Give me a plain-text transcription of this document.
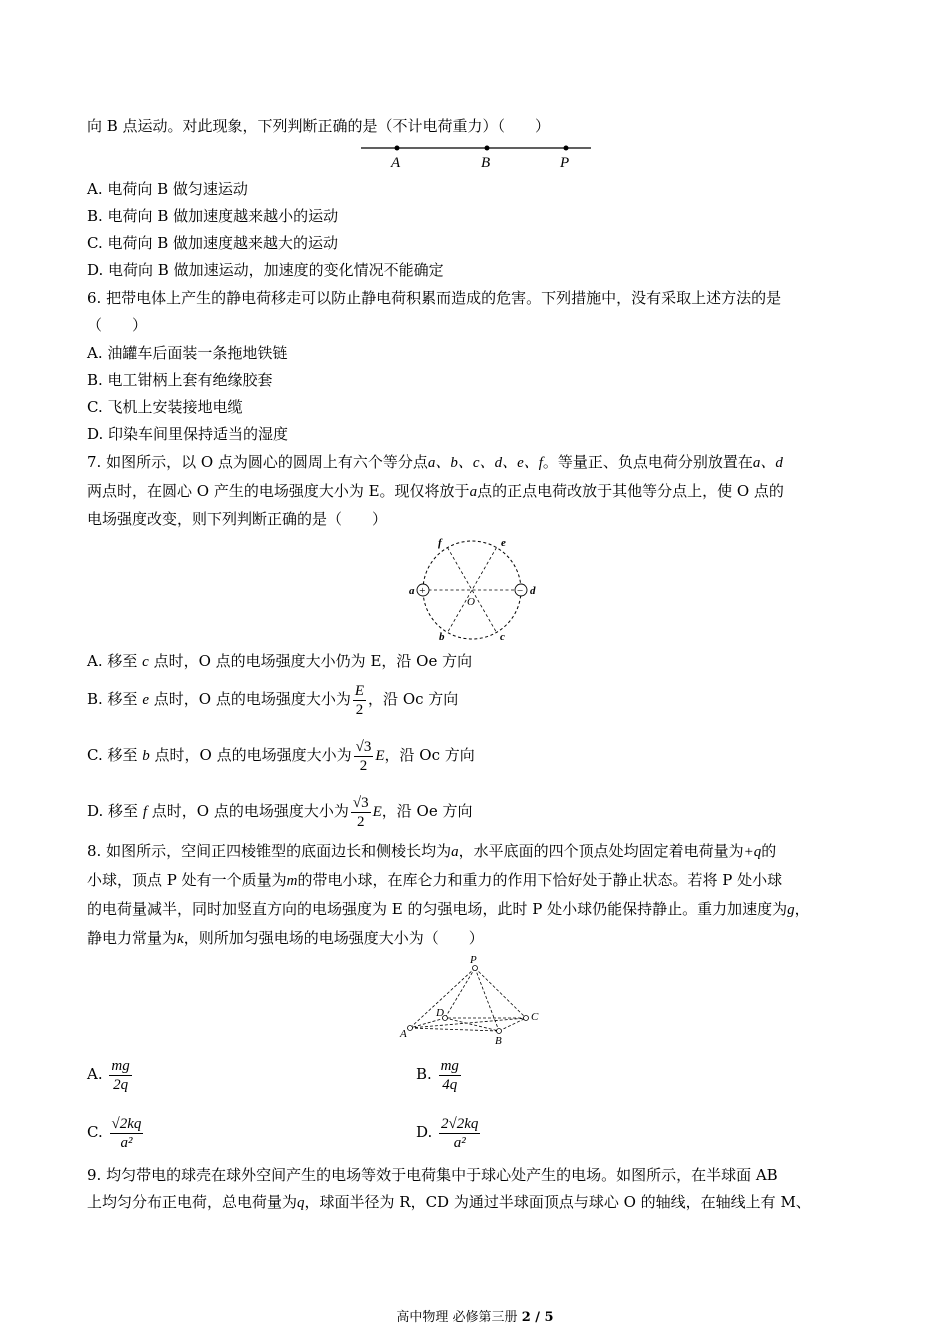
向 B 点运动。对此现象，下列判断正确的是（不计电荷重力）（　　）
A	B	P
A. 电荷向 B 做匀速运动
B. 电荷向 B 做加速度越来越小的运动
C. 电荷向 B 做加速度越来越大的运动
D. 电荷向 B 做加速运动，加速度的变化情况不能确定
6. 把带电体上产生的静电荷移走可以防止静电荷积累而造成的危害。下列措施中，没有采取上述方法的是
（　　）
A. 油罐车后面装一条拖地铁链
B. 电工钳柄上套有绝缘胶套
C. 飞机上安装接地电缆
D. 印染车间里保持适当的湿度
7. 如图所示，以 O 点为圆心的圆周上有六个等分点a、b、c、d、e、f。等量正、负点电荷分别放置在a、d
两点时，在圆心 O 产生的电场强度大小为 E。现仅将放于a点的正点电荷改放于其他等分点上，使 O 点的
电场强度改变，则下列判断正确的是（　　）
+	−
a	d
f	e
b	c
O
A. 移至 c 点时，O 点的电场强度大小仍为 E，沿 Oe 方向
B. 移至 e 点时，O 点的电场强度大小为 $\frac{E}{2}$ ，沿 Oc 方向
C. 移至 b 点时，O 点的电场强度大小为 $\frac{√3}{2}$ E，沿 Oc 方向
D. 移至 f 点时，O 点的电场强度大小为 $\frac{√3}{2}$ E，沿 Oe 方向
8. 如图所示，空间正四棱锥型的底面边长和侧棱长均为a，水平底面的四个顶点处均固定着电荷量为+q的
小球，顶点 P 处有一个质量为m的带电小球，在库仑力和重力的作用下恰好处于静止状态。若将 P 处小球
的电荷量减半，同时加竖直方向的电场强度为 E 的匀强电场，此时 P 处小球仍能保持静止。重力加速度为g，
静电力常量为k，则所加匀强电场的电场强度大小为（　　）
P
A
B
C
D
A. $\frac{mg}{2q}$	B. $\frac{mg}{4q}$
C. $\frac{√2kq}{\text{a²}}$	D. $\frac{2√2kq}{\text{a²}}$
9. 均匀带电的球壳在球外空间产生的电场等效于电荷集中于球心处产生的电场。如图所示，在半球面 AB
上均匀分布正电荷，总电荷量为q，球面半径为 R，CD 为通过半球面顶点与球心 O 的轴线，在轴线上有 M、
高中物理 必修第三册 2 / 5
